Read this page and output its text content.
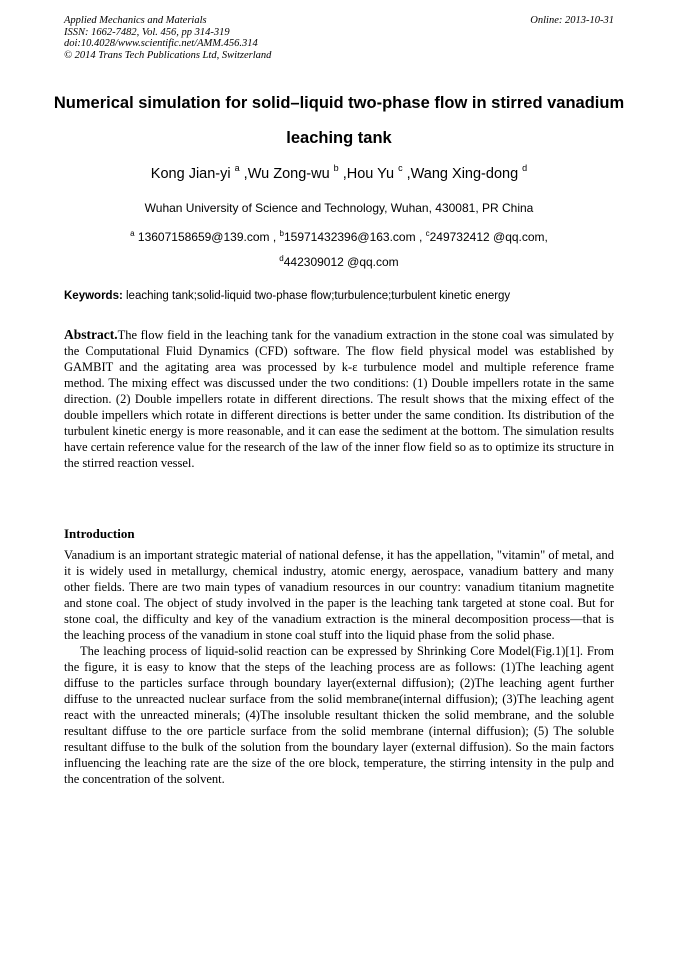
Applied Mechanics and Materials
ISSN: 1662-7482, Vol. 456, pp 314-319
doi:10.4028/www.scientific.net/AMM.456.314
© 2014 Trans Tech Publications Ltd, Switzerland
Online: 2013-10-31
Numerical simulation for solid–liquid two-phase flow in stirred vanadium leaching tank
Kong Jian-yi $^a$ ,Wu Zong-wu $^b$ ,Hou Yu $^c$ ,Wang Xing-dong $^d$
Wuhan University of Science and Technology, Wuhan, 430081, PR China
$^a$ 13607158659@139.com , $^b$15971432396@163.com , $^c$249732412 @qq.com,
$^d$442309012 @qq.com
Keywords: leaching tank;solid-liquid two-phase flow;turbulence;turbulent kinetic energy

Abstract.The flow field in the leaching tank for the vanadium extraction in the stone coal was simulated by the Computational Fluid Dynamics (CFD) software. The flow field physical model was established by GAMBIT and the agitating area was processed by k-ε turbulence model and multiple reference frame method. The mixing effect was discussed under the two conditions: (1) Double impellers rotate in the same direction. (2) Double impellers rotate in different directions. The result shows that the mixing effect of the double impellers which rotate in different directions is better under the same condition. Its distribution of the turbulent kinetic energy is more reasonable, and it can ease the sediment at the bottom. The simulation results have certain reference value for the research of the law of the inner flow field so as to optimize its structure in the stirred reaction vessel.

Introduction

Vanadium is an important strategic material of national defense, it has the appellation, "vitamin" of metal, and it is widely used in metallurgy, chemical industry, atomic energy, aerospace, vanadium battery and many other fields. There are two main types of vanadium resources in our country: vanadium titanium magnetite and stone coal. The object of study involved in the paper is the leaching tank targeted at stone coal. But for stone coal, the difficulty and key of the vanadium extraction is the mineral decomposition process—that is the leaching process of the vanadium in stone coal stuff into the liquid phase from the solid phase.

The leaching process of liquid-solid reaction can be expressed by Shrinking Core Model(Fig.1)[1]. From the figure, it is easy to know that the steps of the leaching process are as follows: (1)The leaching agent diffuse to the particles surface through boundary layer(external diffusion); (2)The leaching agent further diffuse to the unreacted nuclear surface from the solid membrane(internal diffusion); (3)The leaching agent react with the unreacted minerals; (4)The insoluble resultant thicken the solid membrane, and the soluble resultant diffuse to the ore particle surface from the solid membrane (internal diffusion); (5) The soluble resultant diffuse to the bulk of the solution from the boundary layer (external diffusion). So the main factors influencing the leaching rate are the size of the ore block, temperature, the stirring intensity in the pulp and the concentration of the solvent.
